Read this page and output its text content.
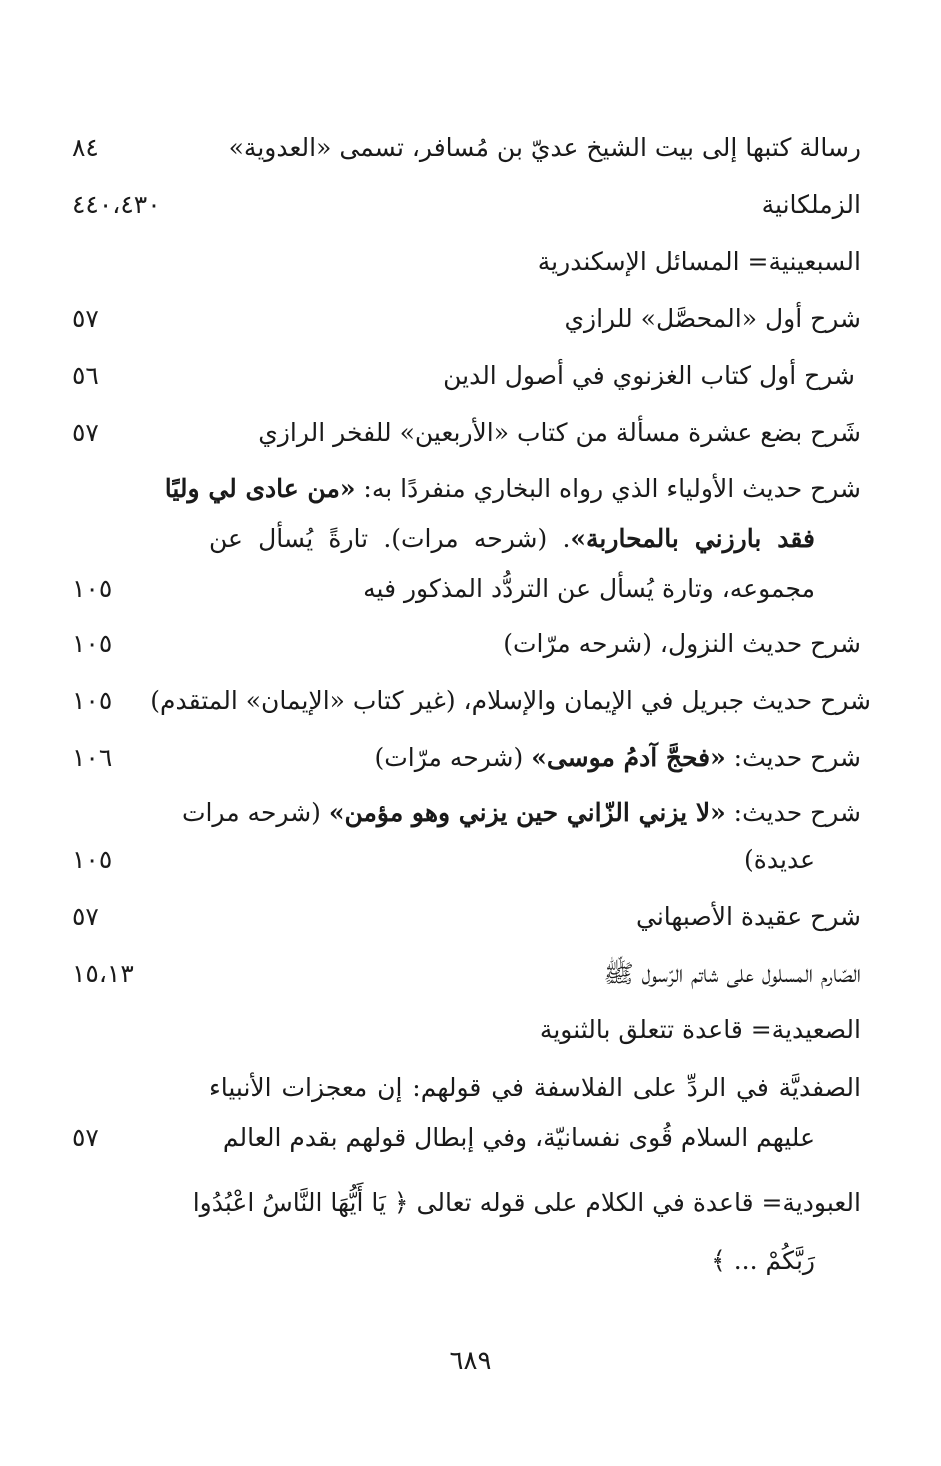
رسالة كتبها إلى بيت الشيخ عديّ بن مُسافر، تسمى «العدوية»
٨٤
الزملكانية
٤٤٠،٤٣٠
السبعينية= المسائل الإسكندرية
شرح أول «المحصَّل» للرازي
٥٧
شرح أول كتاب الغزنوي في أصول الدين
٥٦
شَرح بضع عشرة مسألة من كتاب «الأربعين» للفخر الرازي
٥٧
شرح حديث الأولياء الذي رواه البخاري منفردًا به: «من عادى لي وليًا
فقد بارزني بالمحاربة». (شرحه مرات). تارةً يُسأل عن
مجموعه، وتارة يُسأل عن التردُّد المذكور فيه
١٠٥
شرح حديث النزول، (شرحه مرّات)
١٠٥
شرح حديث جبريل في الإيمان والإسلام، (غير كتاب «الإيمان» المتقدم)
١٠٥
شرح حديث: «فحجَّ آدمُ موسى» (شرحه مرّات)
١٠٦
شرح حديث: «لا يزني الزّاني حين يزني وهو مؤمن» (شرحه مرات
عديدة)
١٠٥
شرح عقيدة الأصبهاني
٥٧
الصّارم المسلول على شاتم الرّسول ﷺ
١٥،١٣
الصعيدية= قاعدة تتعلق بالثنوية
الصفديَّة في الردِّ على الفلاسفة في قولهم: إن معجزات الأنبياء
عليهم السلام قُوى نفسانيّة، وفي إبطال قولهم بقدم العالم
٥٧
العبودية= قاعدة في الكلام على قوله تعالى ﴿ يَا أَيُّهَا النَّاسُ اعْبُدُوا
رَبَّكُمْ ... ﴾
٦٨٩
